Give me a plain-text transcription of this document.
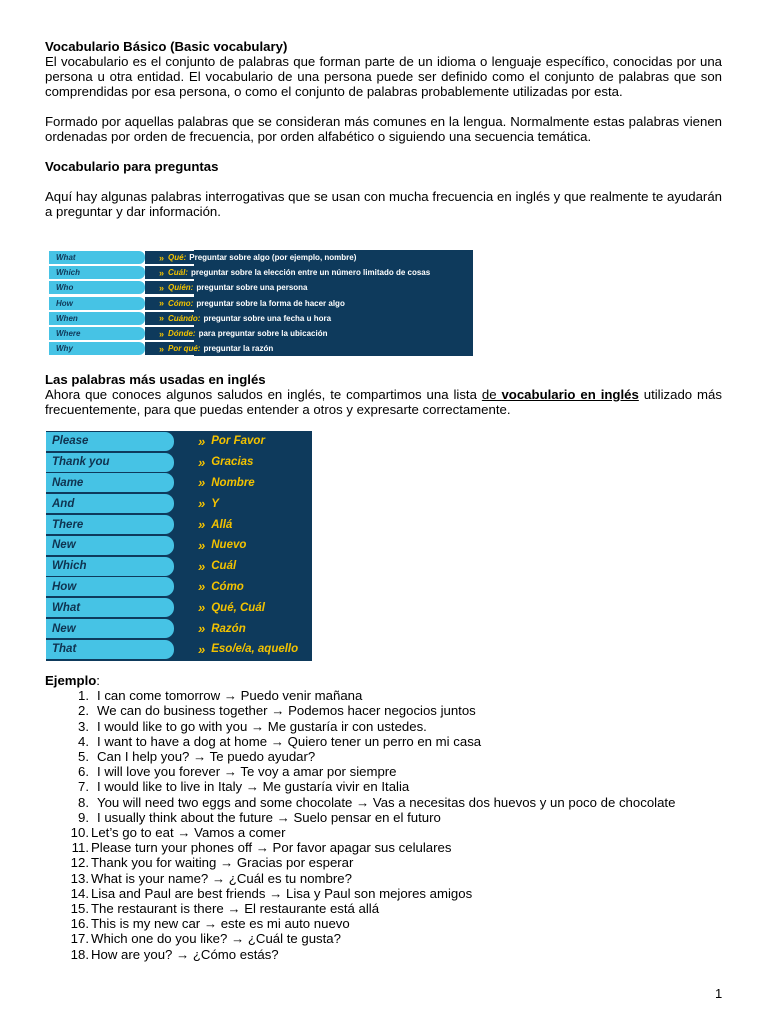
Vocabulario Básico (Basic vocabulary)

El vocabulario es el conjunto de palabras que forman parte de un idioma o lenguaje específico, conocidas por una persona u otra entidad. El vocabulario de una persona puede ser definido como el conjunto de palabras que son comprendidas por esa persona, o como el conjunto de palabras probablemente utilizadas por esta.

Formado por aquellas palabras que se consideran más comunes en la lengua. Normalmente estas palabras vienen ordenadas por orden de frecuencia, por orden alfabético o siguiendo una secuencia temática.

Vocabulario para preguntas

Aquí hay algunas palabras interrogativas que se usan con mucha frecuencia en inglés y que realmente te ayudarán a preguntar y dar información.

What	» Qué: Preguntar sobre algo (por ejemplo, nombre)
Which	» Cuál: preguntar sobre la elección entre un número limitado de cosas
Who	» Quién: preguntar sobre una persona
How	» Cómo: preguntar sobre la forma de hacer algo
When	» Cuándo: preguntar sobre una fecha u hora
Where	» Dónde: para preguntar sobre la ubicación
Why	» Por qué: preguntar la razón

Las palabras más usadas en inglés

Ahora que conoces algunos saludos en inglés, te compartimos una lista de vocabulario en inglés utilizado más frecuentemente, para que puedas entender a otros y expresarte correctamente.

Please	» Por Favor
Thank you	» Gracias
Name	» Nombre
And	» Y
There	» Allá
New	» Nuevo
Which	» Cuál
How	» Cómo
What	» Qué, Cuál
New	» Razón
That	» Eso/e/a, aquello

Ejemplo:

1. I can come tomorrow → Puedo venir mañana
2. We can do business together → Podemos hacer negocios juntos
3. I would like to go with you → Me gustaría ir con ustedes.
4. I want to have a dog at home → Quiero tener un perro en mi casa
5. Can I help you? → Te puedo ayudar?
6. I will love you forever → Te voy a amar por siempre
7. I would like to live in Italy → Me gustaría vivir en Italia
8. You will need two eggs and some chocolate → Vas a necesitas dos huevos y un poco de chocolate
9. I usually think about the future → Suelo pensar en el futuro
10. Let’s go to eat → Vamos a comer
11. Please turn your phones off → Por favor apagar sus celulares
12. Thank you for waiting → Gracias por esperar
13. What is your name? → ¿Cuál es tu nombre?
14. Lisa and Paul are best friends → Lisa y Paul son mejores amigos
15. The restaurant is there → El restaurante está allá
16. This is my new car → este es mi auto nuevo
17. Which one do you like? → ¿Cuál te gusta?
18. How are you? → ¿Cómo estás?
1
